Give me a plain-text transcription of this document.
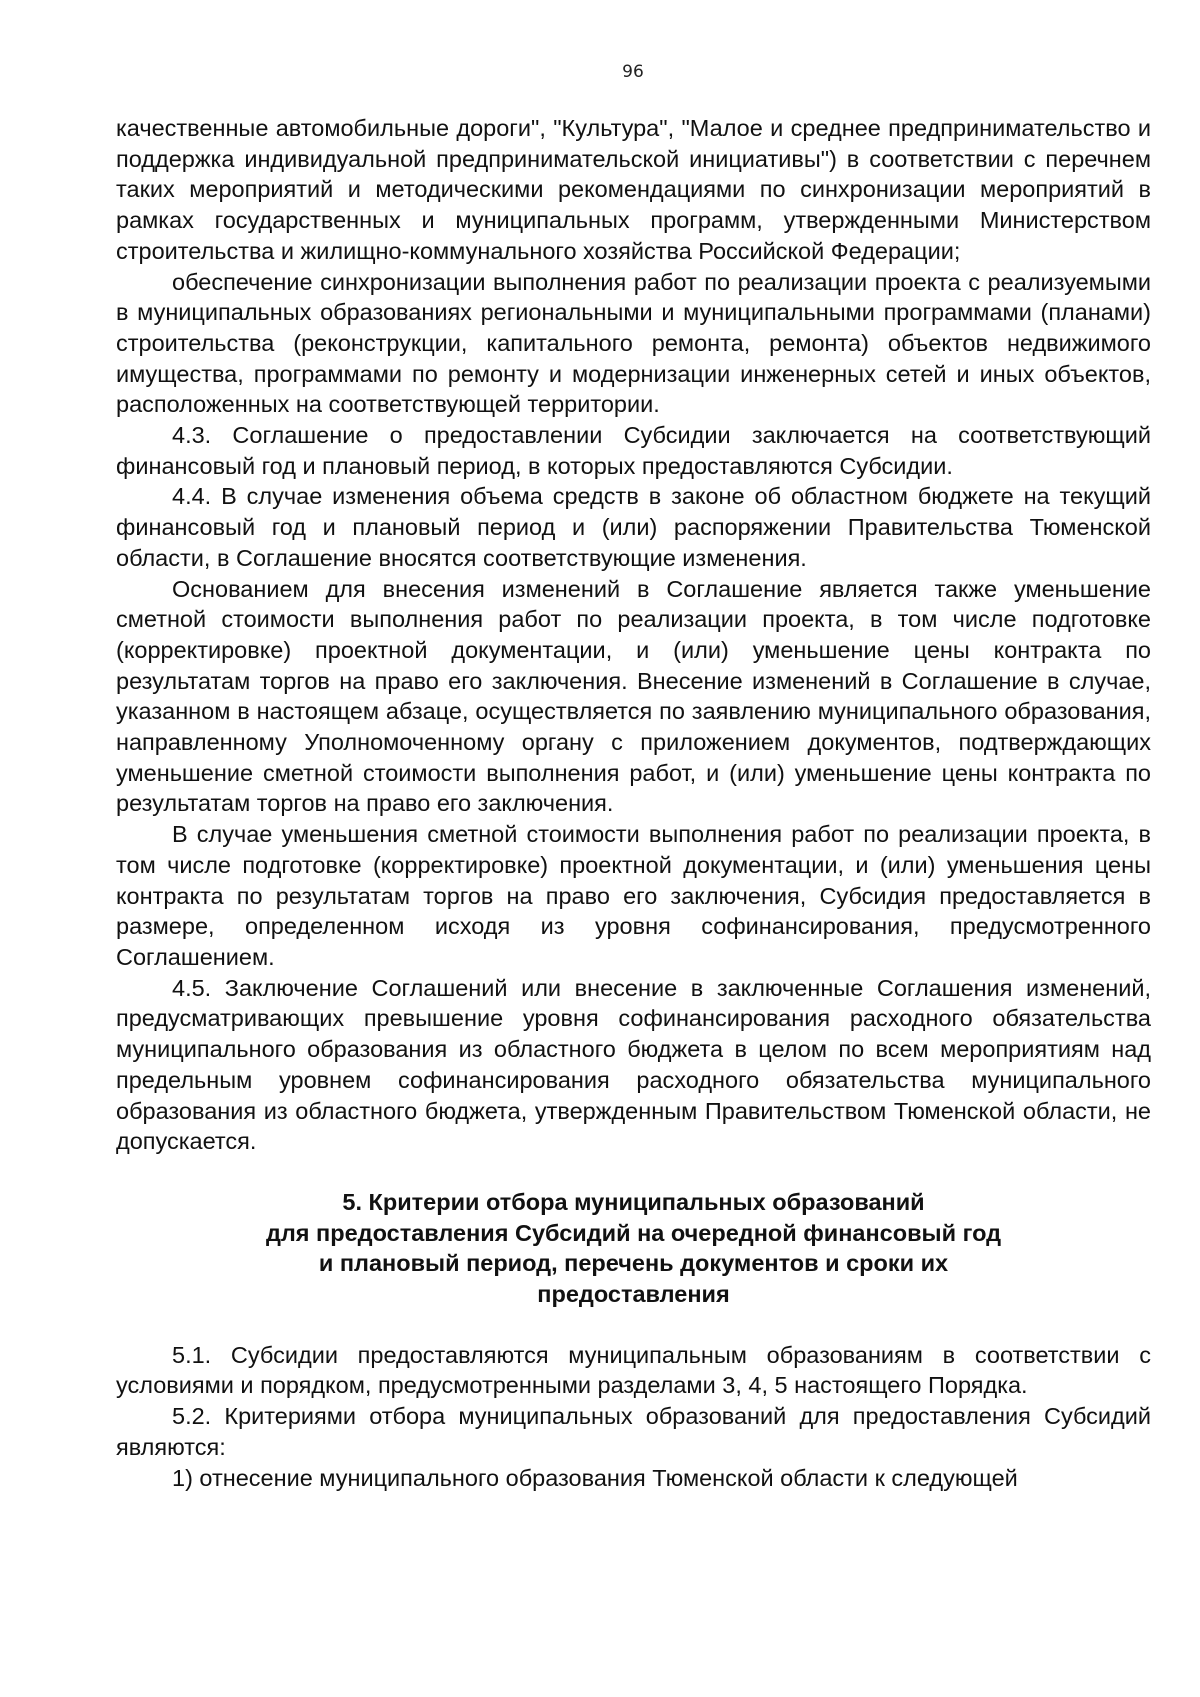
96

качественные автомобильные дороги", "Культура", "Малое и среднее предпринимательство и поддержка индивидуальной предпринимательской инициативы") в соответствии с перечнем таких мероприятий и методическими рекомендациями по синхронизации мероприятий в рамках государственных и муниципальных программ, утвержденными Министерством строительства и жилищно-коммунального хозяйства Российской Федерации;

обеспечение синхронизации выполнения работ по реализации проекта с реализуемыми в муниципальных образованиях региональными и муниципальными программами (планами) строительства (реконструкции, капитального ремонта, ремонта) объектов недвижимого имущества, программами по ремонту и модернизации инженерных сетей и иных объектов, расположенных на соответствующей территории.

4.3. Соглашение о предоставлении Субсидии заключается на соответствующий финансовый год и плановый период, в которых предоставляются Субсидии.

4.4. В случае изменения объема средств в законе об областном бюджете на текущий финансовый год и плановый период и (или) распоряжении Правительства Тюменской области, в Соглашение вносятся соответствующие изменения.

Основанием для внесения изменений в Соглашение является также уменьшение сметной стоимости выполнения работ по реализации проекта, в том числе подготовке (корректировке) проектной документации, и (или) уменьшение цены контракта по результатам торгов на право его заключения. Внесение изменений в Соглашение в случае, указанном в настоящем абзаце, осуществляется по заявлению муниципального образования, направленному Уполномоченному органу с приложением документов, подтверждающих уменьшение сметной стоимости выполнения работ, и (или) уменьшение цены контракта по результатам торгов на право его заключения.

В случае уменьшения сметной стоимости выполнения работ по реализации проекта, в том числе подготовке (корректировке) проектной документации, и (или) уменьшения цены контракта по результатам торгов на право его заключения, Субсидия предоставляется в размере, определенном исходя из уровня софинансирования, предусмотренного Соглашением.

4.5. Заключение Соглашений или внесение в заключенные Соглашения изменений, предусматривающих превышение уровня софинансирования расходного обязательства муниципального образования из областного бюджета в целом по всем мероприятиям над предельным уровнем софинансирования расходного обязательства муниципального образования из областного бюджета, утвержденным Правительством Тюменской области, не допускается.

5. Критерии отбора муниципальных образований
для предоставления Субсидий на очередной финансовый год
и плановый период, перечень документов и сроки их
предоставления

5.1. Субсидии предоставляются муниципальным образованиям в соответствии с условиями и порядком, предусмотренными разделами 3, 4, 5 настоящего Порядка.

5.2. Критериями отбора муниципальных образований для предоставления Субсидий являются:

1) отнесение муниципального образования Тюменской области к следующей
